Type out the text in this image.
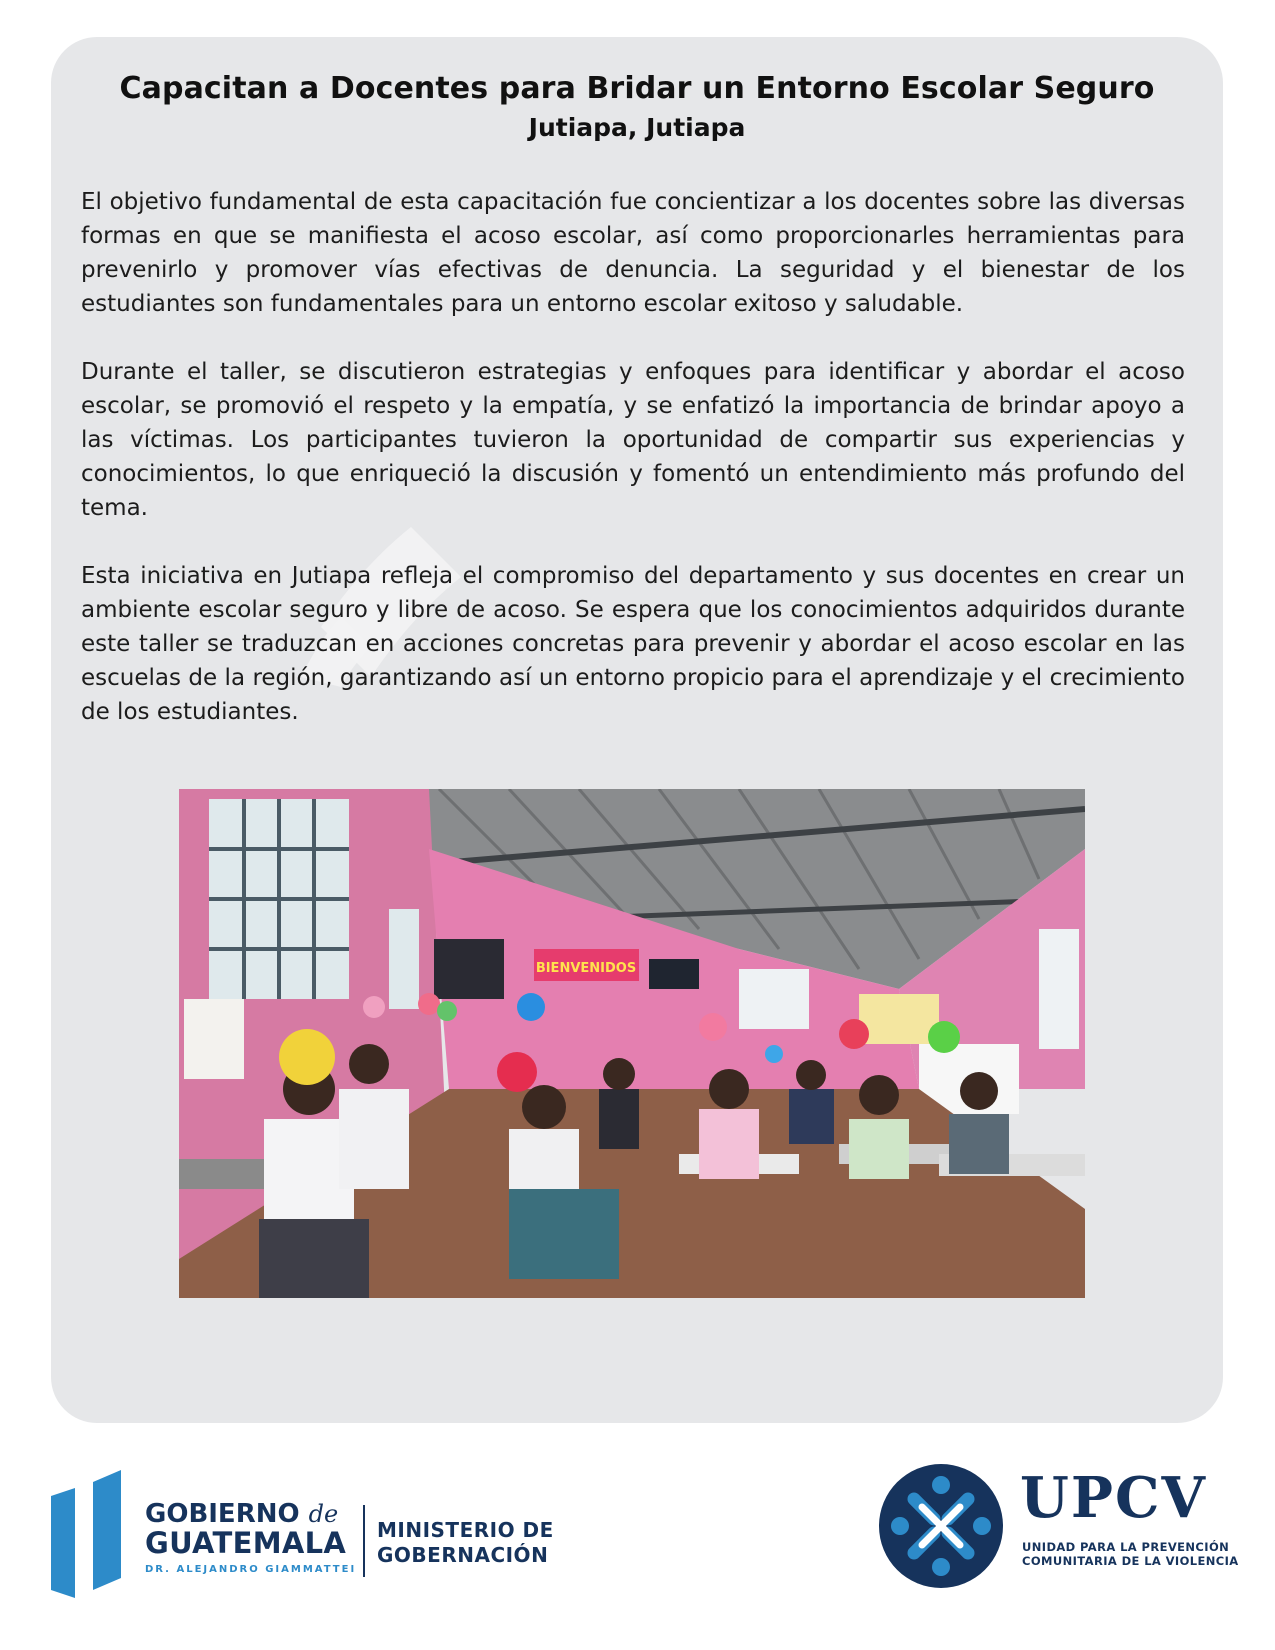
Capacitan a Docentes para Bridar un Entorno Escolar Seguro
Jutiapa, Jutiapa

El objetivo fundamental de esta capacitación fue concientizar a los docentes sobre las diversas formas en que se manifiesta el acoso escolar, así como proporcionarles herramientas para prevenirlo y promover vías efectivas de denuncia. La seguridad y el bienestar de los estudiantes son fundamentales para un entorno escolar exitoso y saludable.

Durante el taller, se discutieron estrategias y enfoques para identificar y abordar el acoso escolar, se promovió el respeto y la empatía, y se enfatizó la importancia de brindar apoyo a las víctimas. Los participantes tuvieron la oportunidad de compartir sus experiencias y conocimientos, lo que enriqueció la discusión y fomentó un entendimiento más profundo del tema.

Esta iniciativa en Jutiapa refleja el compromiso del departamento y sus docentes en crear un ambiente escolar seguro y libre de acoso. Se espera que los conocimientos adquiridos durante este taller se traduzcan en acciones concretas para prevenir y abordar el acoso escolar en las escuelas de la región, garantizando así un entorno propicio para el aprendizaje y el crecimiento de los estudiantes.

BIENVENIDOS
GOBIERNO de
GUATEMALA
DR. ALEJANDRO GIAMMATTEI
MINISTERIO DE
GOBERNACIÓN
UPCV
UNIDAD PARA LA PREVENCIÓN
COMUNITARIA DE LA VIOLENCIA
